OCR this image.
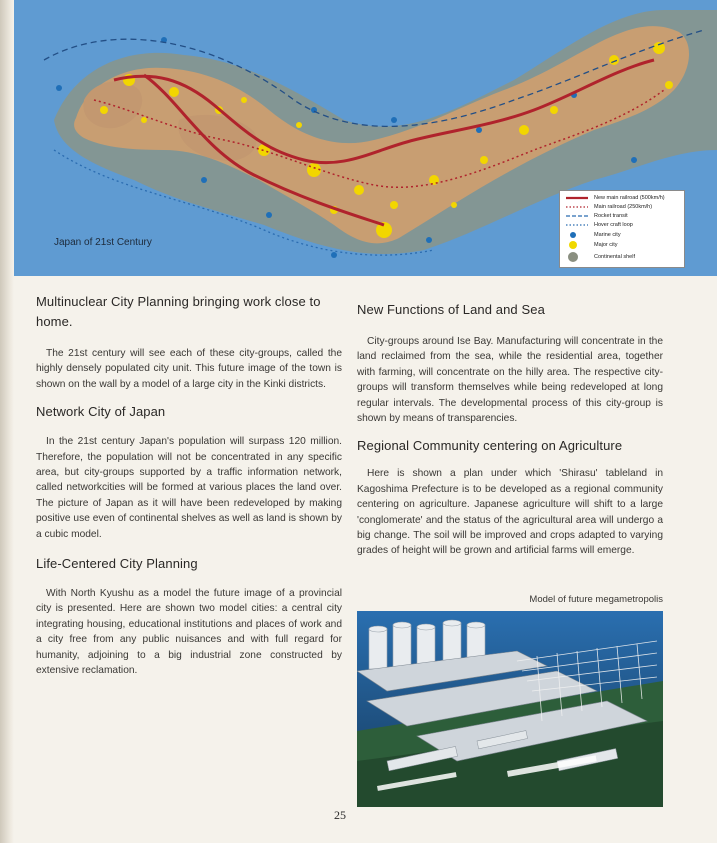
Japan of 21st Century
New main railroad (500km/h)
Main railroad (250km/h)
Rocket transit
Hover craft loop
Marine city
Major city
Continental shelf
Multinuclear City Planning bringing work close to home.

The 21st century will see each of these city-groups, called the highly densely populated city unit. This future image of the town is shown on the wall by a model of a large city in the Kinki districts.

Network City of Japan

In the 21st century Japan's population will surpass 120 million. Therefore, the population will not be concentrated in any specific area, but city-groups supported by a traffic information network, called networkcities will be formed at various places the land over. The picture of Japan as it will have been redeveloped by making positive use even of continental shelves as well as land is shown by a cubic model.

Life-Centered City Planning

With North Kyushu as a model the future image of a provincial city is presented. Here are shown two model cities: a central city integrating housing, educational institutions and places of work and a city free from any public nuisances and with full regard for humanity, adjoining to a big industrial zone constructed by extensive reclamation.

New Functions of Land and Sea

City-groups around Ise Bay. Manufacturing will concentrate in the land reclaimed from the sea, while the residential area, together with farming, will concentrate on the hilly area. The respective city-groups will transform themselves while being redeveloped at long regular intervals. The developmental process of this city-group is shown by means of transparencies.

Regional Community centering on Agriculture

Here is shown a plan under which 'Shirasu' tableland in Kagoshima Prefecture is to be developed as a regional community centering on agriculture. Japanese agriculture will shift to a large 'conglomerate' and the status of the agricultural area will undergo a big change. The soil will be improved and crops adapted to varying grades of height will be grown and artificial farms will emerge.

Model of future megametropolis
25
